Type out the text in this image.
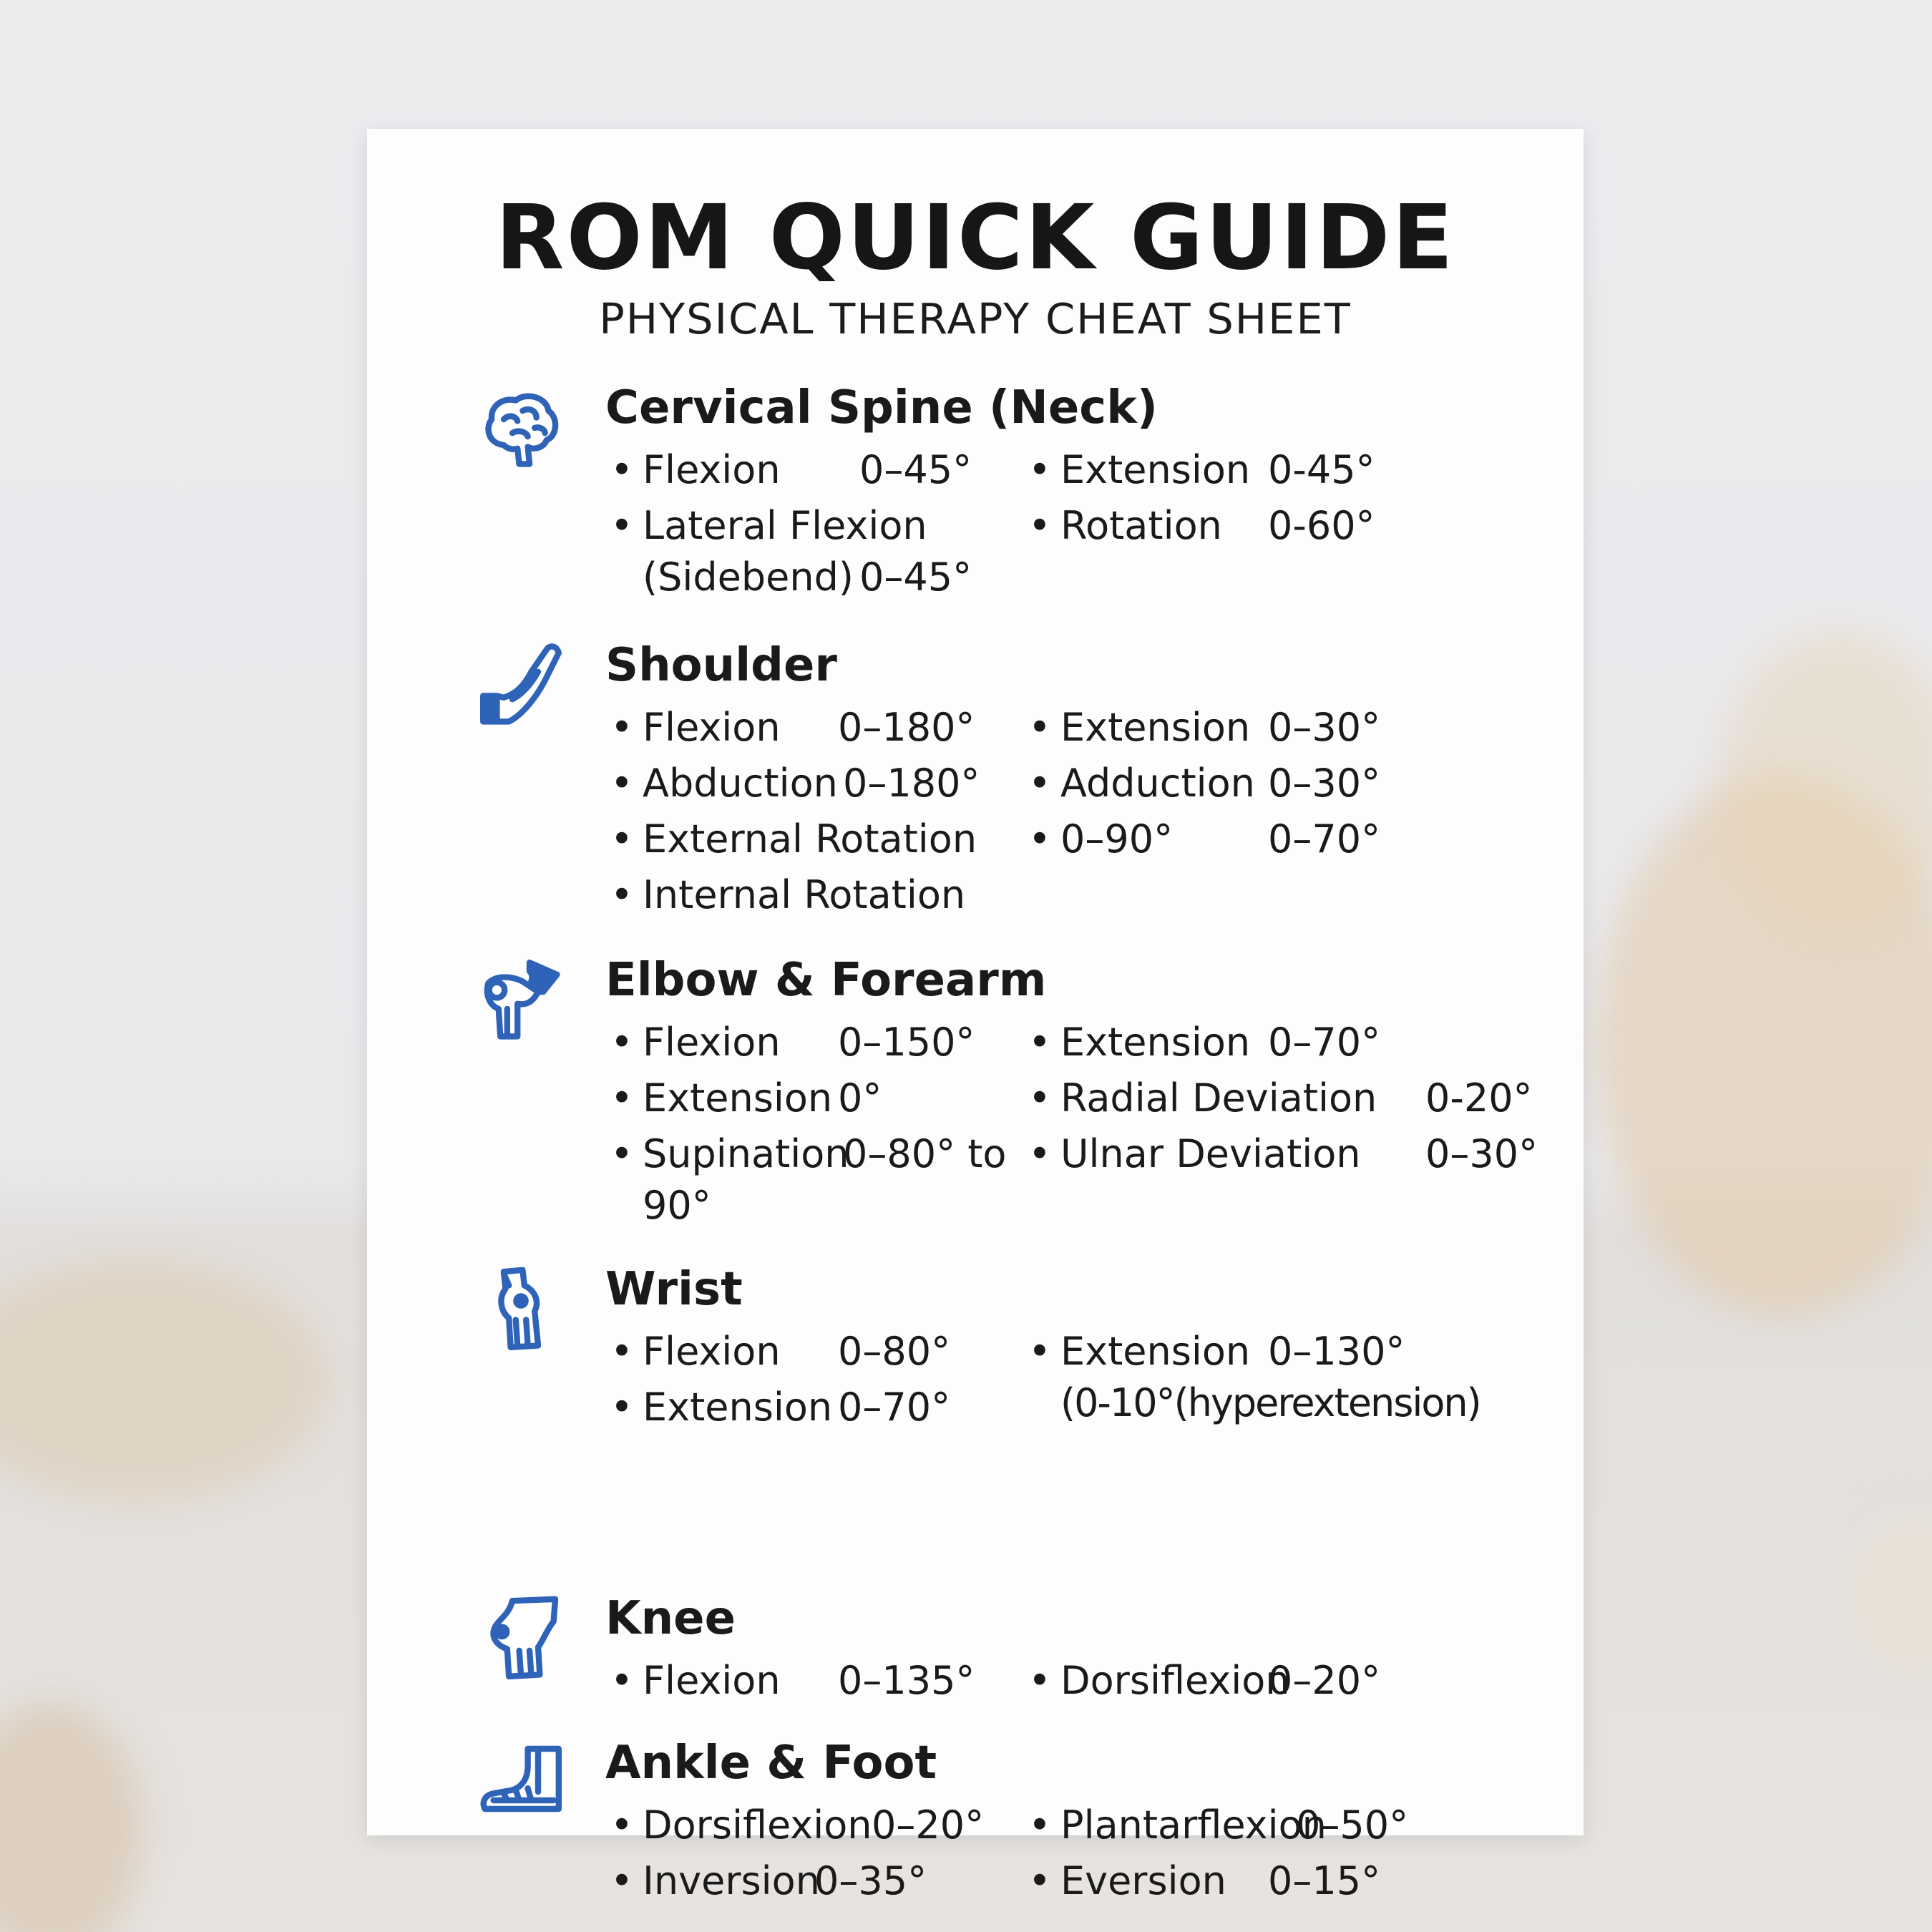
ROM QUICK GUIDE
PHYSICAL THERAPY CHEAT SHEET
Cervical Spine (Neck)
• Flexion 0–45°
• Lateral Flexion
(Sidebend) 0–45°
• Extension 0-45°
• Rotation 0-60°
Shoulder
• Flexion 0–180°
• Abduction 0–180°
• External Rotation
• Internal Rotation
• Extension 0–30°
• Adduction 0–30°
• 0–90° 0–70°
Elbow & Forearm
• Flexion 0–150°
• Extension 0°
• Supination
0–80° to
90°
• Extension 0–70°
• Radial Deviation 0-20°
• Ulnar Deviation 0–30°
Wrist
• Flexion 0–80°
• Extension 0–70°
• Extension 0–130°
(0-10°(hyperextension)
Knee
• Flexion 0–135° • Dorsiflexion
0–20°
Ankle & Foot
• Dorsiflexion 0–20°
• Inversion
0–35°
• Plantarflexion
0–50°
• Eversion 0–15°
